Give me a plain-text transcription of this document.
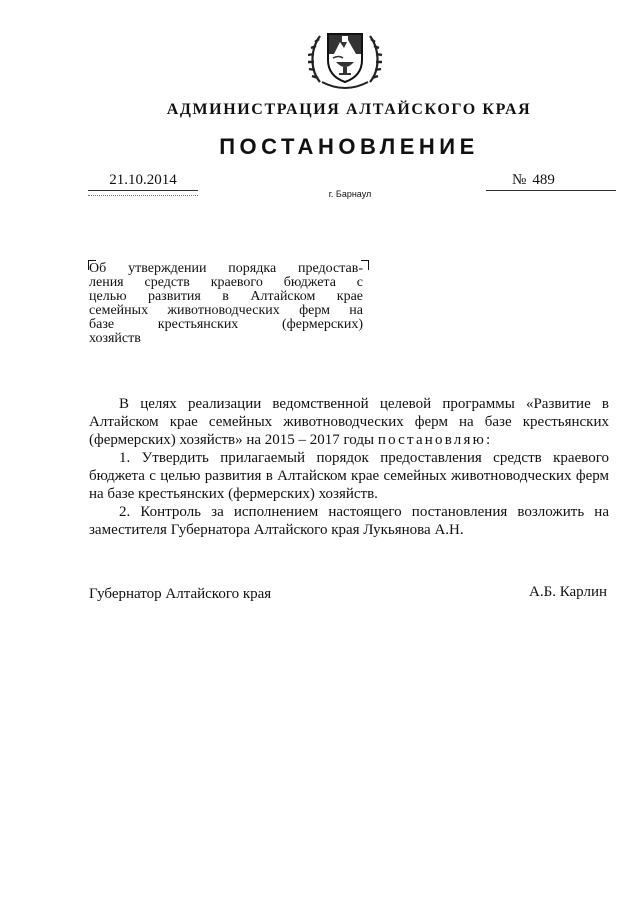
АДМИНИСТРАЦИЯ АЛТАЙСКОГО КРАЯ
ПОСТАНОВЛЕНИЕ
21.10.2014	№ 489
г. Барнаул
Об утверждении порядка предостав-
ления средств краевого бюджета с
целью развития в Алтайском крае
семейных животноводческих ферм на
базе крестьянских (фермерских)
хозяйств
В целях реализации ведомственной целевой программы «Развитие в Алтайском крае семейных животноводческих ферм на базе крестьянских (фермерских) хозяйств» на 2015 – 2017 годы постановляю:
1. Утвердить прилагаемый порядок предоставления средств краевого бюджета с целью развития в Алтайском крае семейных животноводческих ферм на базе крестьянских (фермерских) хозяйств.
2. Контроль за исполнением настоящего постановления возложить на заместителя Губернатора Алтайского края Лукьянова А.Н.
Губернатор Алтайского края	А.Б. Карлин
